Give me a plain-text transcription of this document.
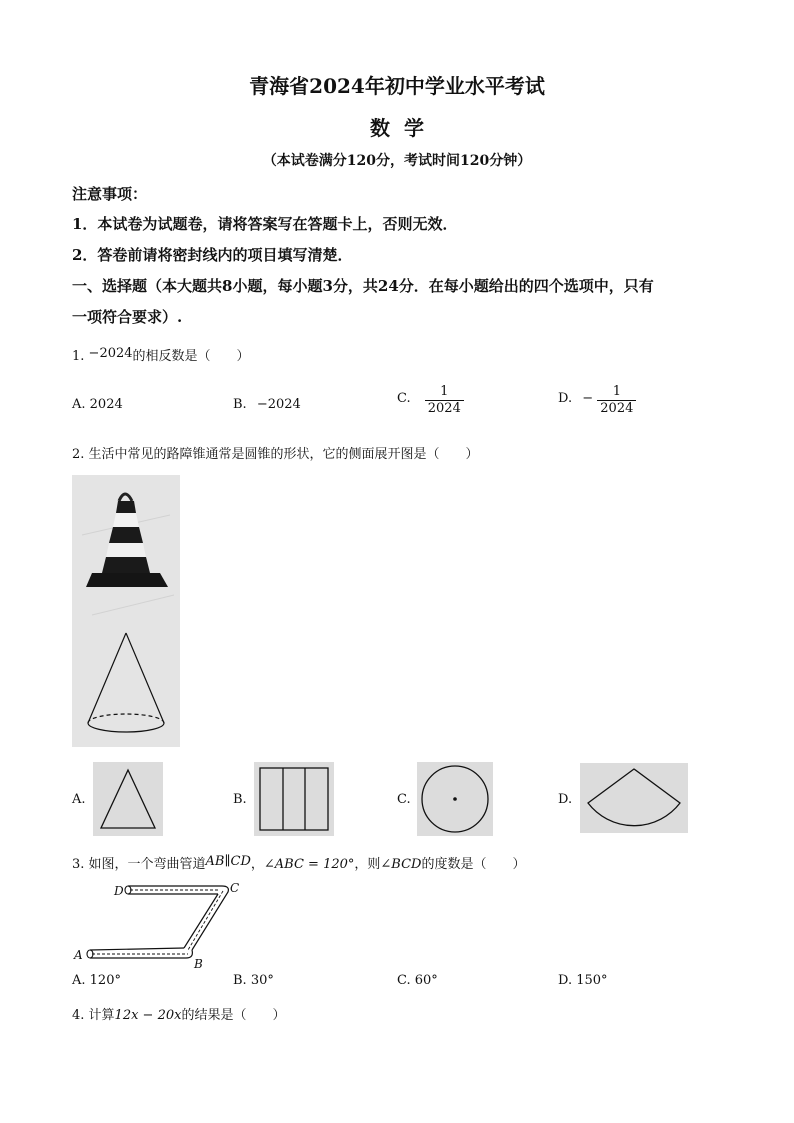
青海省2024年初中学业水平考试
数学
（本试卷满分120分，考试时间120分钟）
注意事项：
1．本试卷为试题卷，请将答案写在答题卡上，否则无效．
2．答卷前请将密封线内的项目填写清楚．
一、选择题（本大题共8小题，每小题3分，共24分．在每小题给出的四个选项中，只有
一项符合要求）.
1. −2024的相反数是（　　）
A. 2024	B. −2024	C. $\frac{1}{2024}$	D. − $\frac{1}{2024}$
2. 生活中常见的路障锥通常是圆锥的形状，它的侧面展开图是（　　）
A.	B.	C.	D.
3. 如图，一个弯曲管道AB∥CD，∠ABC = 120°，则∠BCD的度数是（　　）
D	C
A
B
A. 120°	B. 30°	C. 60°	D. 150°
4. 计算12x − 20x的结果是（　　）
